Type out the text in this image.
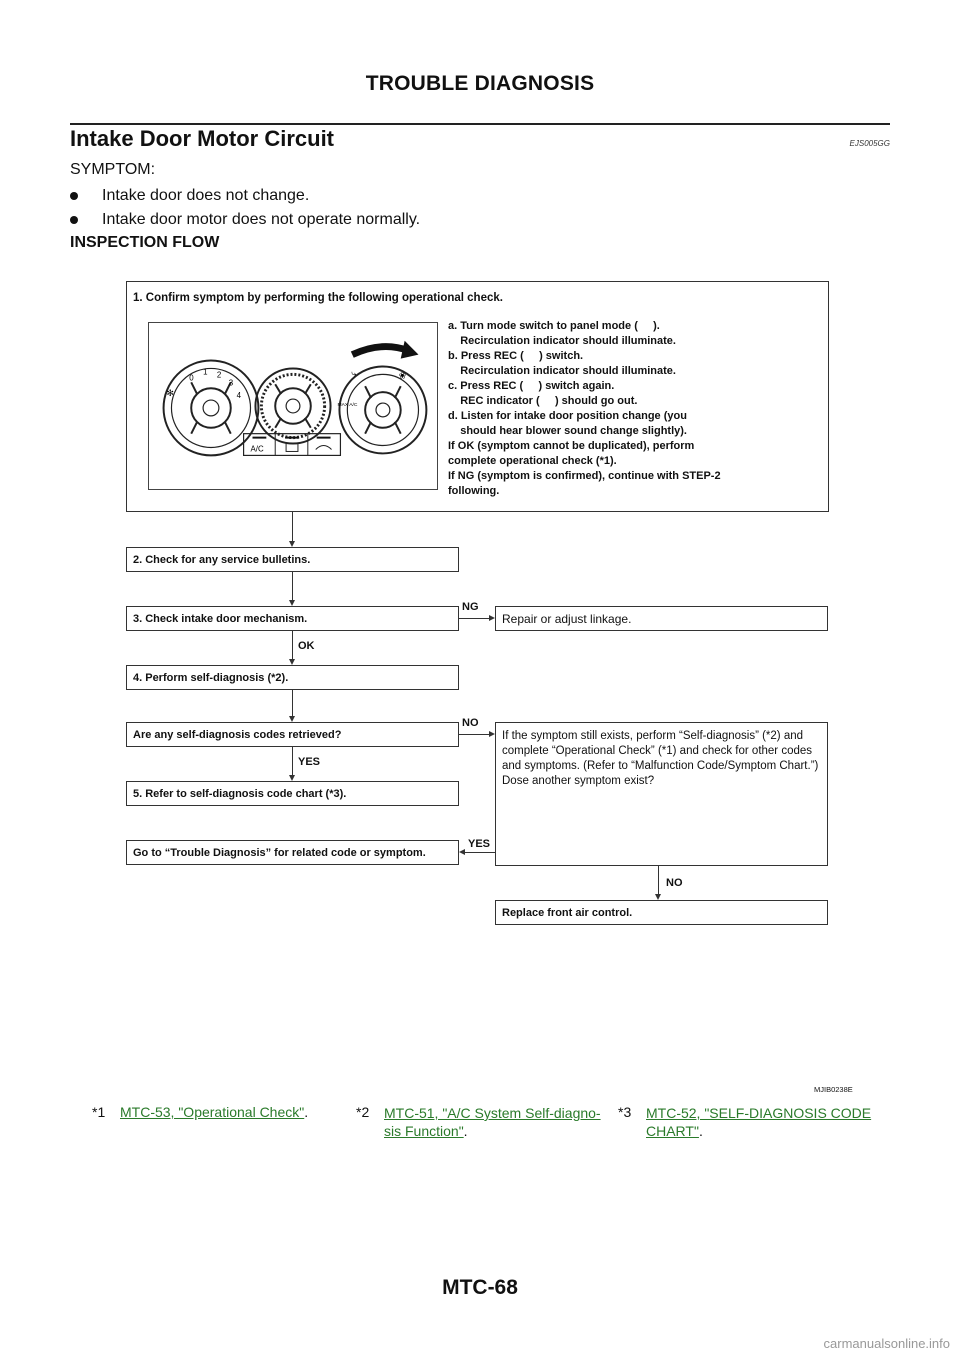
TROUBLE DIAGNOSIS
Intake Door Motor Circuit	EJS005GG
SYMPTOM:
Intake door does not change.
Intake door motor does not operate normally.
INSPECTION FLOW
1. Confirm symptom by performing the following operational check.
0
1 2
3
4
✻
MAX A/C
⤷	❀
A/C
a. Turn mode switch to panel mode (     ).
Recirculation indicator should illuminate.
b. Press REC (     ) switch.
Recirculation indicator should illuminate.
c. Press REC (     ) switch again.
REC indicator (     ) should go out.
d. Listen for intake door position change (you
should hear blower sound change slightly).
If OK (symptom cannot be duplicated), perform
complete operational check (*1).
If NG (symptom is confirmed), continue with STEP-2
following.
2. Check for any service bulletins.
3. Check intake door mechanism.
NG
Repair or adjust linkage.
OK
4. Perform self-diagnosis (*2).
Are any self-diagnosis codes retrieved?
NO
If the symptom still exists, perform “Self-diagnosis” (*2) and complete “Operational Check” (*1) and check for other codes and symptoms. (Refer to “Malfunction Code/Symptom Chart.”) Dose another symptom exist?
YES
5. Refer to self-diagnosis code chart (*3).
Go to “Trouble Diagnosis” for related code or symptom.
YES
NO
Replace front air control.
MJIB0238E
*1	MTC-53, "Operational Check".	*2	MTC-51, "A/C System Self-diagno-sis Function".
*3	MTC-52, "SELF-DIAGNOSIS CODE CHART".
MTC-68
carmanualsonline.info
